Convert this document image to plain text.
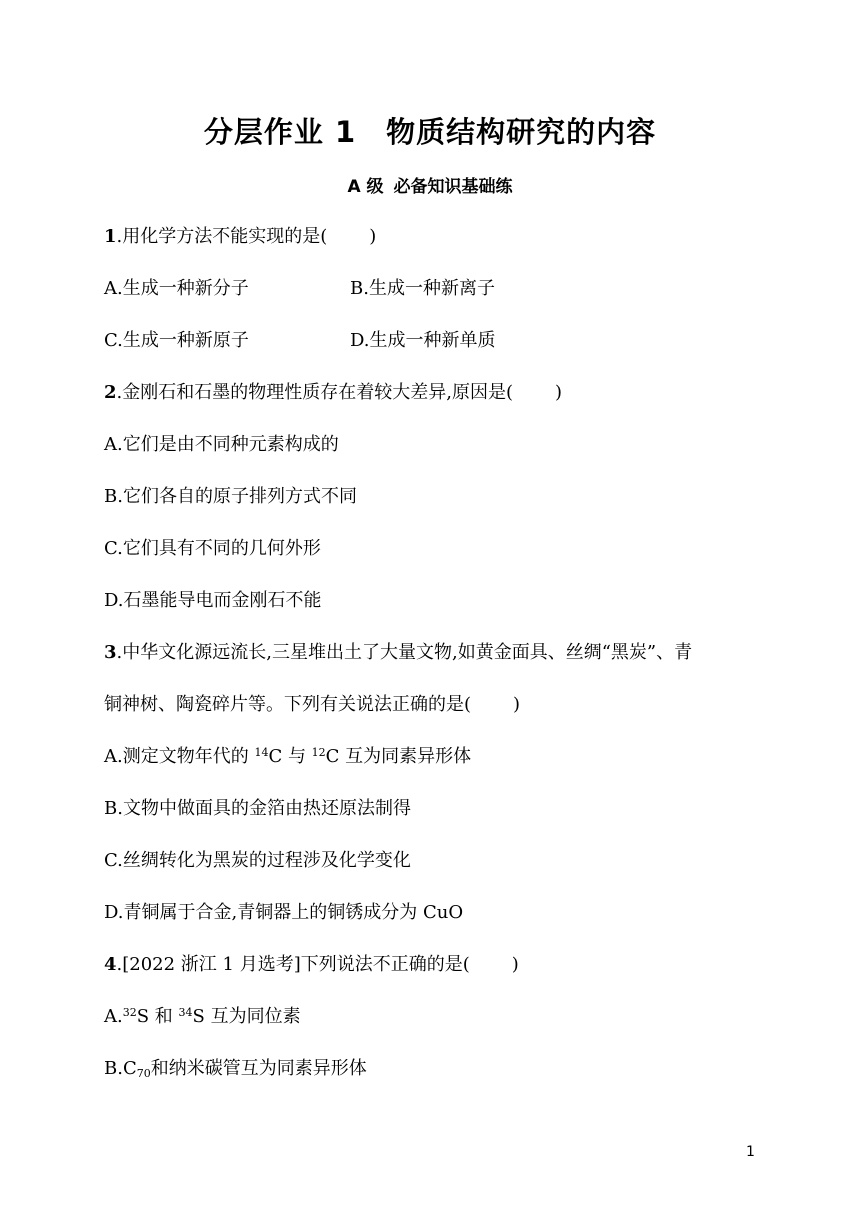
分层作业 1 物质结构研究的内容
A 级 必备知识基础练
1.用化学方法不能实现的是( )
A.生成一种新分子	B.生成一种新离子
C.生成一种新原子	D.生成一种新单质
2.金刚石和石墨的物理性质存在着较大差异,原因是( )
A.它们是由不同种元素构成的
B.它们各自的原子排列方式不同
C.它们具有不同的几何外形
D.石墨能导电而金刚石不能
3.中华文化源远流长,三星堆出土了大量文物,如黄金面具、丝绸“黑炭”、青
铜神树、陶瓷碎片等。下列有关说法正确的是( )
A.测定文物年代的 $^{14}$C 与 $^{12}$C 互为同素异形体
B.文物中做面具的金箔由热还原法制得
C.丝绸转化为黑炭的过程涉及化学变化
D.青铜属于合金,青铜器上的铜锈成分为 CuO
4.[2022 浙江 1 月选考]下列说法不正确的是( )
A.$^{32}$S 和 $^{34}$S 互为同位素
$B.C_{70}$和纳米碳管互为同素异形体
1
